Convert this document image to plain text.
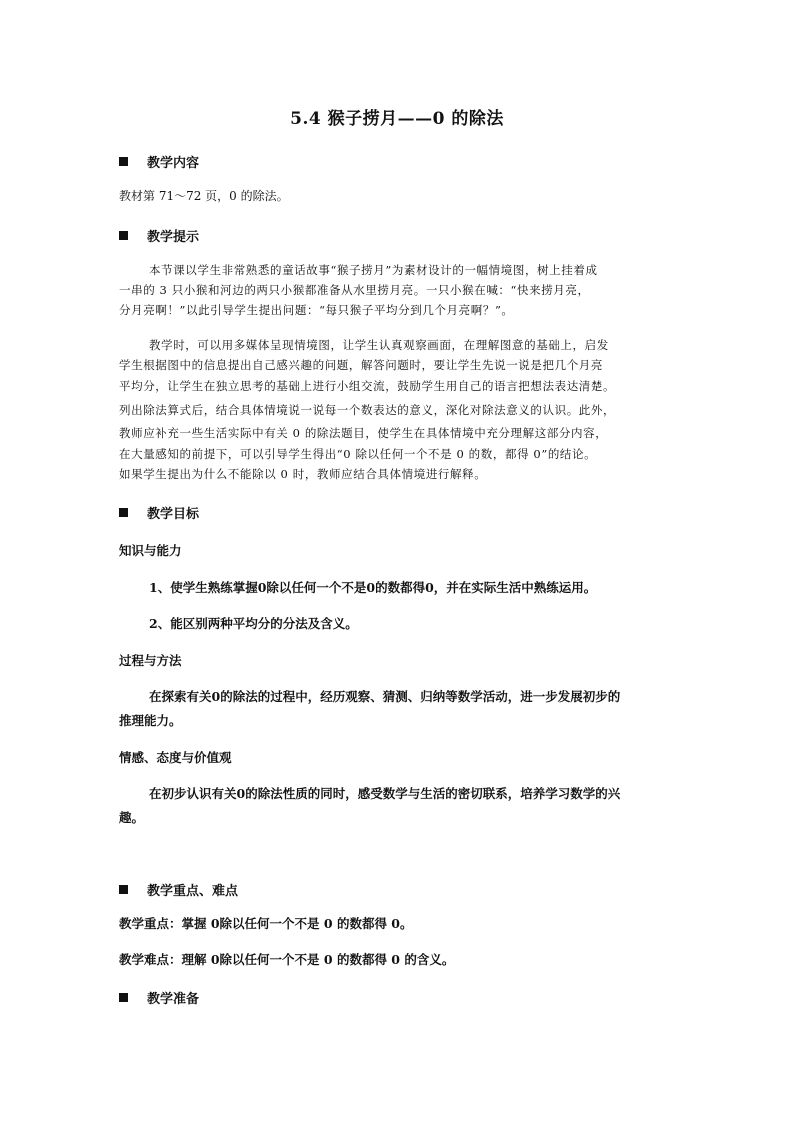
5.4 猴子捞月——0 的除法
教学内容
教材第 71～72 页，0 的除法。
教学提示
本节课以学生非常熟悉的童话故事“猴子捞月”为素材设计的一幅情境图，树上挂着成
一串的 3 只小猴和河边的两只小猴都准备从水里捞月亮。一只小猴在喊：“快来捞月亮，
分月亮啊！”以此引导学生提出问题：“每只猴子平均分到几个月亮啊？”。
教学时，可以用多媒体呈现情境图，让学生认真观察画面，在理解图意的基础上，启发
学生根据图中的信息提出自己感兴趣的问题，解答问题时，要让学生先说一说是把几个月亮
平均分，让学生在独立思考的基础上进行小组交流，鼓励学生用自己的语言把想法表达清楚。
列出除法算式后，结合具体情境说一说每一个数表达的意义，深化对除法意义的认识。此外，
教师应补充一些生活实际中有关 0 的除法题目，使学生在具体情境中充分理解这部分内容，
在大量感知的前提下，可以引导学生得出“0 除以任何一个不是 0 的数，都得 0”的结论。
如果学生提出为什么不能除以 0 时，教师应结合具体情境进行解释。
教学目标
知识与能力
1、使学生熟练掌握0除以任何一个不是0的数都得0，并在实际生活中熟练运用。
2、能区别两种平均分的分法及含义。
过程与方法
在探索有关0的除法的过程中，经历观察、猜测、归纳等数学活动，进一步发展初步的
推理能力。
情感、态度与价值观
在初步认识有关0的除法性质的同时，感受数学与生活的密切联系，培养学习数学的兴
趣。
教学重点、难点
教学重点：掌握 0除以任何一个不是 0 的数都得 0。
教学难点：理解 0除以任何一个不是 0 的数都得 0 的含义。
教学准备
